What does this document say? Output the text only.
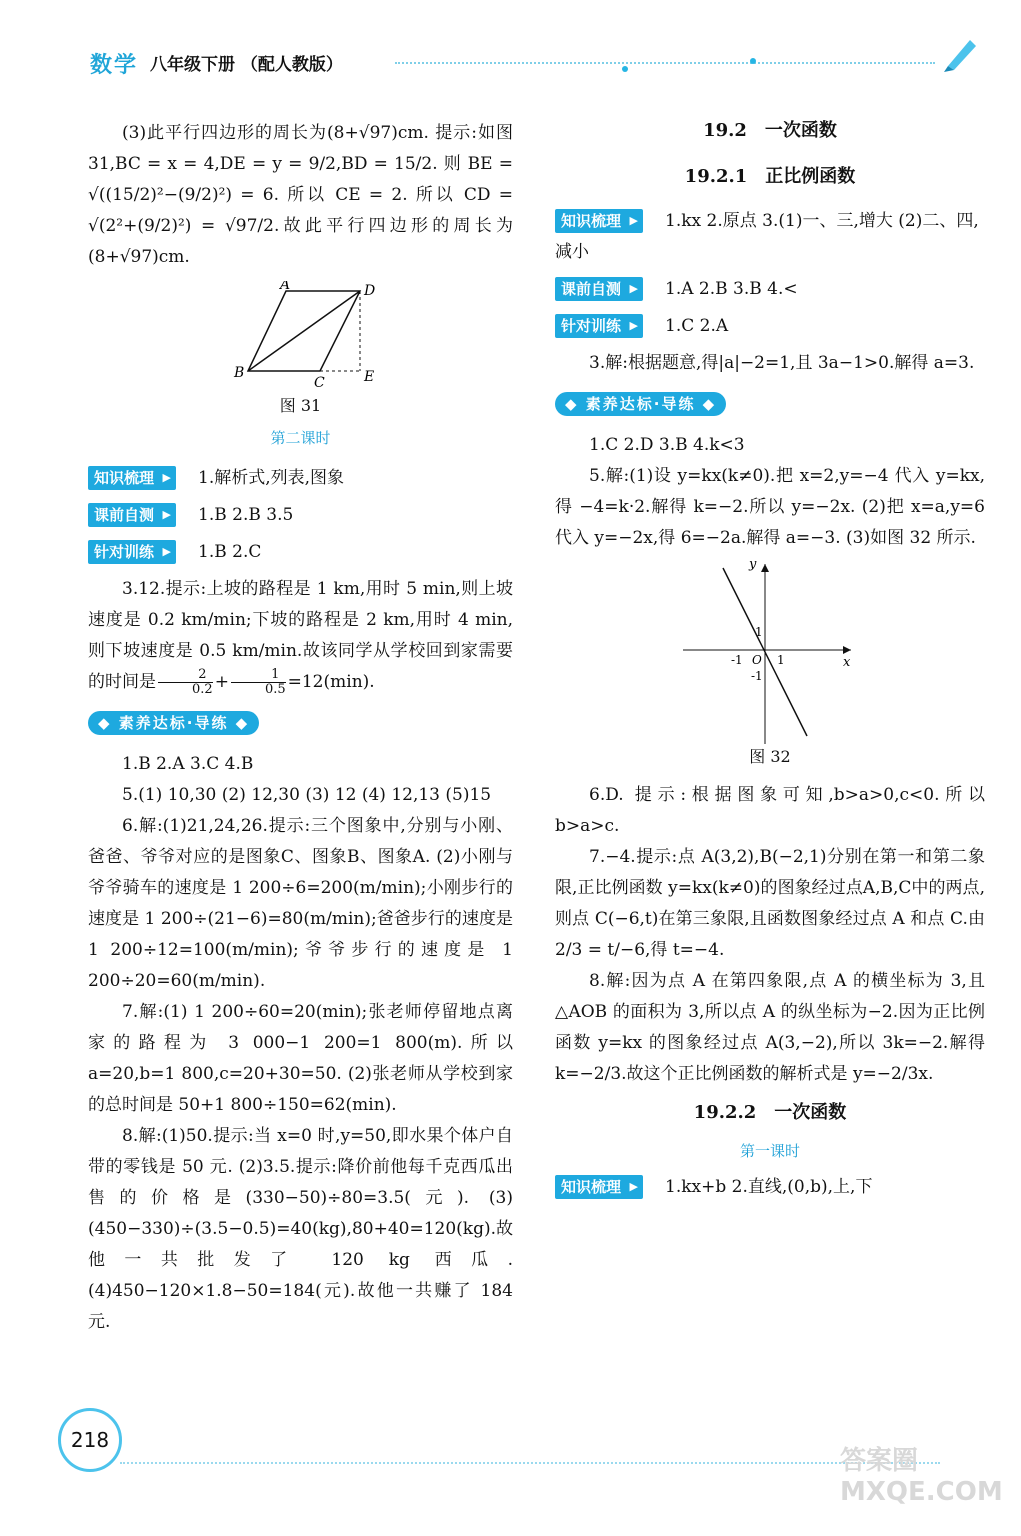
数学 八年级下册 （配人教版）

(3)此平行四边形的周长为(8+√97)cm. 提示:如图31,BC = x = 4,DE = y = 9/2,BD = 15/2. 则 BE = √((15/2)²−(9/2)²) = 6. 所以 CE = 2. 所以 CD = √(2²+(9/2)²) = √97/2.故此平行四边形的周长为(8+√97)cm.

A	D
B
C	E
图 31
第二课时
知识梳理 ▶	1.解析式,列表,图象
课前自测 ▶	1.B 2.B 3.5
针对训练 ▶	1.B 2.C

3.12.提示:上坡的路程是 1 km,用时 5 min,则上坡速度是 0.2 km/min;下坡的路程是 2 km,用时 4 min,则下坡速度是 0.5 km/min.故该同学从学校回到家需要的时间是 $\frac{2}{0.2} + \frac{1}{0.5} =12(\min)$.

◆ 素养达标·导练 ◆

1.B 2.A 3.C 4.B

5.(1) 10,30 (2) 12,30 (3) 12 (4) 12,13 (5)15

6.解:(1)21,24,26.提示:三个图象中,分别与小刚、爸爸、爷爷对应的是图象C、图象B、图象A. (2)小刚与爷爷骑车的速度是 1 200÷6=200(m/min);小刚步行的速度是 1 200÷(21−6)=80(m/min);爸爸步行的速度是 1 200÷12=100(m/min);爷爷步行的速度是 1 200÷20=60(m/min).

7.解:(1) 1 200÷60=20(min);张老师停留地点离家的路程为 3 000−1 200=1 800(m).所以 a=20,b=1 800,c=20+30=50. (2)张老师从学校到家的总时间是 50+1 800÷150=62(min).

8.解:(1)50.提示:当 x=0 时,y=50,即水果个体户自带的零钱是 50 元. (2)3.5.提示:降价前他每千克西瓜出售的价格是(330−50)÷80=3.5(元). (3)(450−330)÷(3.5−0.5)=40(kg),80+40=120(kg).故他一共批发了 120 kg 西瓜. (4)450−120×1.8−50=184(元).故他一共赚了 184 元.

19.2　一次函数
19.2.1　正比例函数
知识梳理 ▶	1.kx 2.原点 3.(1)一、三,增大 (2)二、四,减小
课前自测 ▶	1.A 2.B 3.B 4.<
针对训练 ▶	1.C 2.A

3.解:根据题意,得|a|−2=1,且 3a−1>0.解得 a=3.

◆ 素养达标·导练 ◆

1.C 2.D 3.B 4.k<3

5.解:(1)设 y=kx(k≠0).把 x=2,y=−4 代入 y=kx,得 −4=k·2.解得 k=−2.所以 y=−2x. (2)把 x=a,y=6 代入 y=−2x,得 6=−2a.解得 a=−3. (3)如图 32 所示.

y
x
1
-1 O 1
-1
图 32

6.D. 提示:根据图象可知,b>a>0,c<0.所以 b>a>c.

7.−4.提示:点 A(3,2),B(−2,1)分别在第一和第二象限,正比例函数 y=kx(k≠0)的图象经过点A,B,C中的两点,则点 C(−6,t)在第三象限,且函数图象经过点 A 和点 C.由 2/3 = t/−6,得 t=−4.

8.解:因为点 A 在第四象限,点 A 的横坐标为 3,且△AOB 的面积为 3,所以点 A 的纵坐标为−2.因为正比例函数 y=kx 的图象经过点 A(3,−2),所以 3k=−2.解得 k=−2/3.故这个正比例函数的解析式是 y=−2/3x.

19.2.2　一次函数
第一课时
知识梳理 ▶	1.kx+b 2.直线,(0,b),上,下
218
答案圈 MXQE.COM
